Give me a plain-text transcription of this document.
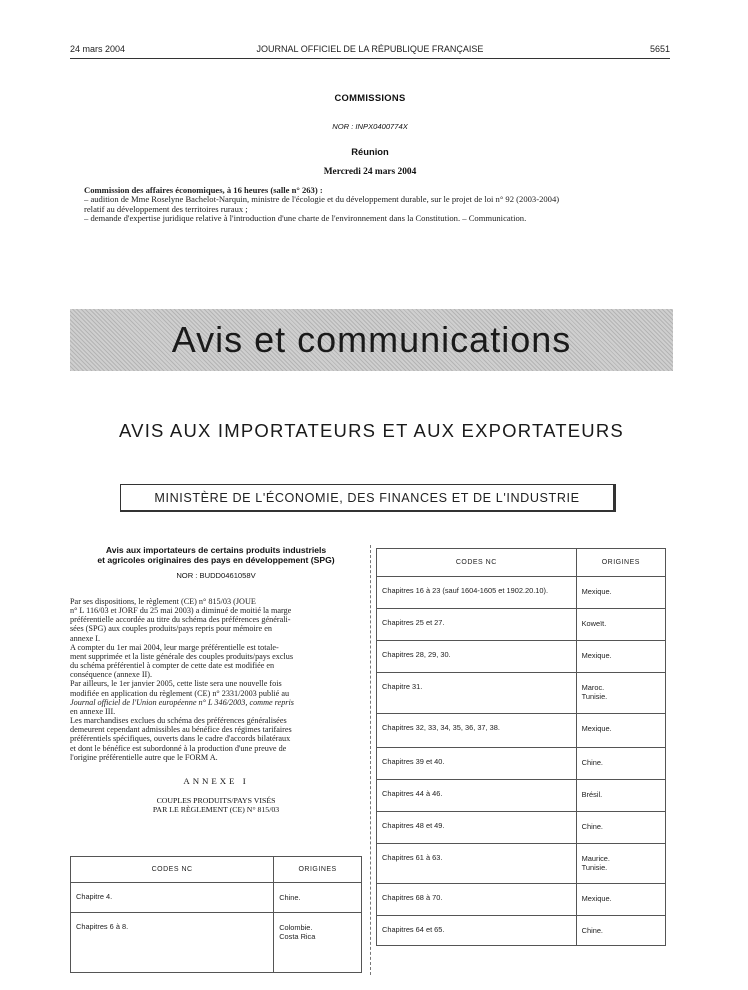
24 mars 2004	JOURNAL OFFICIEL DE LA RÉPUBLIQUE FRANÇAISE	5651
COMMISSIONS
NOR : INPX0400774X
Réunion
Mercredi 24 mars 2004
Commission des affaires économiques, à 16 heures (salle n° 263) :
– audition de Mme Roselyne Bachelot-Narquin, ministre de l'écologie et du développement durable, sur le projet de loi n° 92 (2003-2004)
relatif au développement des territoires ruraux ;
– demande d'expertise juridique relative à l'introduction d'une charte de l'environnement dans la Constitution. – Communication.
Avis et communications
AVIS AUX IMPORTATEURS ET AUX EXPORTATEURS
MINISTÈRE DE L'ÉCONOMIE, DES FINANCES ET DE L'INDUSTRIE
Avis aux importateurs de certains produits industriels
et agricoles originaires des pays en développement (SPG)
NOR : BUDD0461058V
Par ses dispositions, le règlement (CE) n° 815/03 (JOUE
n° L 116/03 et JORF du 25 mai 2003) a diminué de moitié la marge
préférentielle accordée au titre du schéma des préférences générali-
sées (SPG) aux couples produits/pays repris pour mémoire en
annexe I.
A compter du 1er mai 2004, leur marge préférentielle est totale-
ment supprimée et la liste générale des couples produits/pays exclus
du schéma préférentiel à compter de cette date est modifiée en
conséquence (annexe II).
Par ailleurs, le 1er janvier 2005, cette liste sera une nouvelle fois
modifiée en application du règlement (CE) n° 2331/2003 publié au
Journal officiel de l'Union européenne n° L 346/2003, comme repris
en annexe III.
Les marchandises exclues du schéma des préférences généralisées
demeurent cependant admissibles au bénéfice des régimes tarifaires
préférentiels spécifiques, ouverts dans le cadre d'accords bilatéraux
et dont le bénéfice est subordonné à la production d'une preuve de
l'origine préférentielle autre que le FORM A.
ANNEXE I
COUPLES PRODUITS/PAYS VISÉS
PAR LE RÈGLEMENT (CE) N° 815/03
CODES NC	ORIGINES
Chapitre 4.	Chine.
Chapitres 6 à 8.	Colombie.
Costa Rica
CODES NC	ORIGINES
Chapitres 16 à 23 (sauf 1604-1605 et 1902.20.10).	Mexique.
Chapitres 25 et 27.	Koweït.
Chapitres 28, 29, 30.	Mexique.
Chapitre 31.	Maroc.
Tunisie.
Chapitres 32, 33, 34, 35, 36, 37, 38.	Mexique.
Chapitres 39 et 40.	Chine.
Chapitres 44 à 46.	Brésil.
Chapitres 48 et 49.	Chine.
Chapitres 61 à 63.	Maurice.
Tunisie.
Chapitres 68 à 70.	Mexique.
Chapitres 64 et 65.	Chine.
